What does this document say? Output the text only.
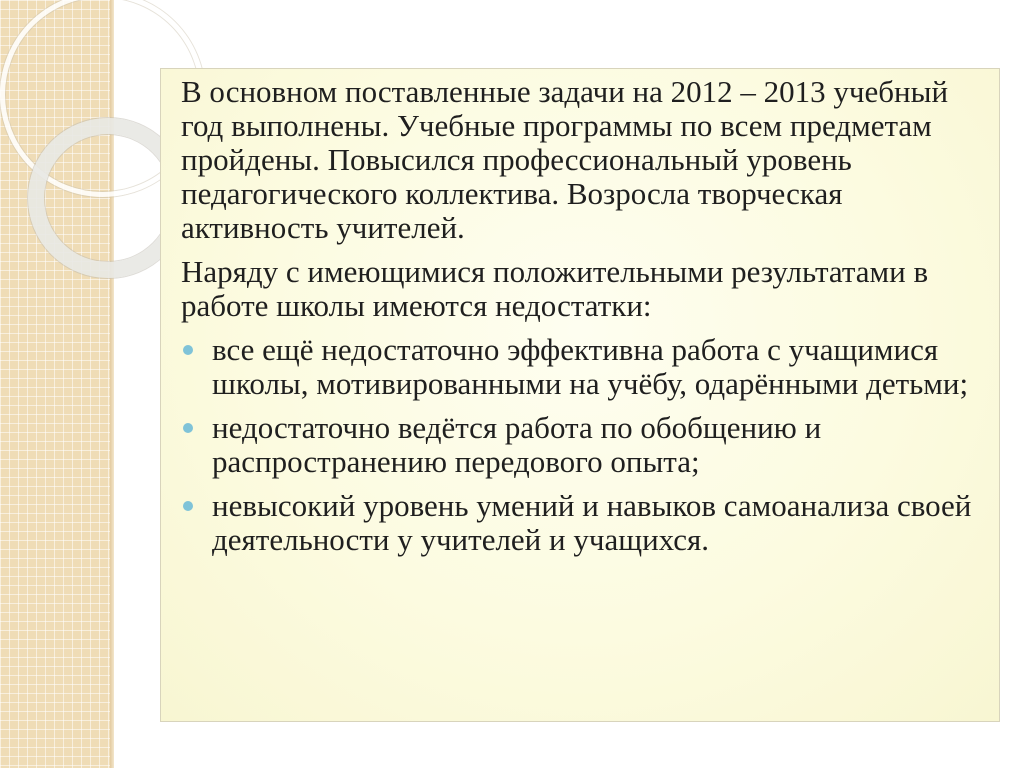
В основном поставленные задачи на 2012 – 2013 учебный год выполнены. Учебные программы по всем предметам пройдены. Повысился профессиональный уровень педагогического коллектива. Возросла творческая активность учителей.

Наряду с имеющимися положительными результатами в работе школы имеются недостатки:

все ещё недостаточно эффективна работа с учащимися школы, мотивированными на учёбу, одарёнными детьми;
недостаточно ведётся работа по обобщению и распространению передового опыта;
невысокий уровень умений и навыков самоанализа своей деятельности у учителей и учащихся.
